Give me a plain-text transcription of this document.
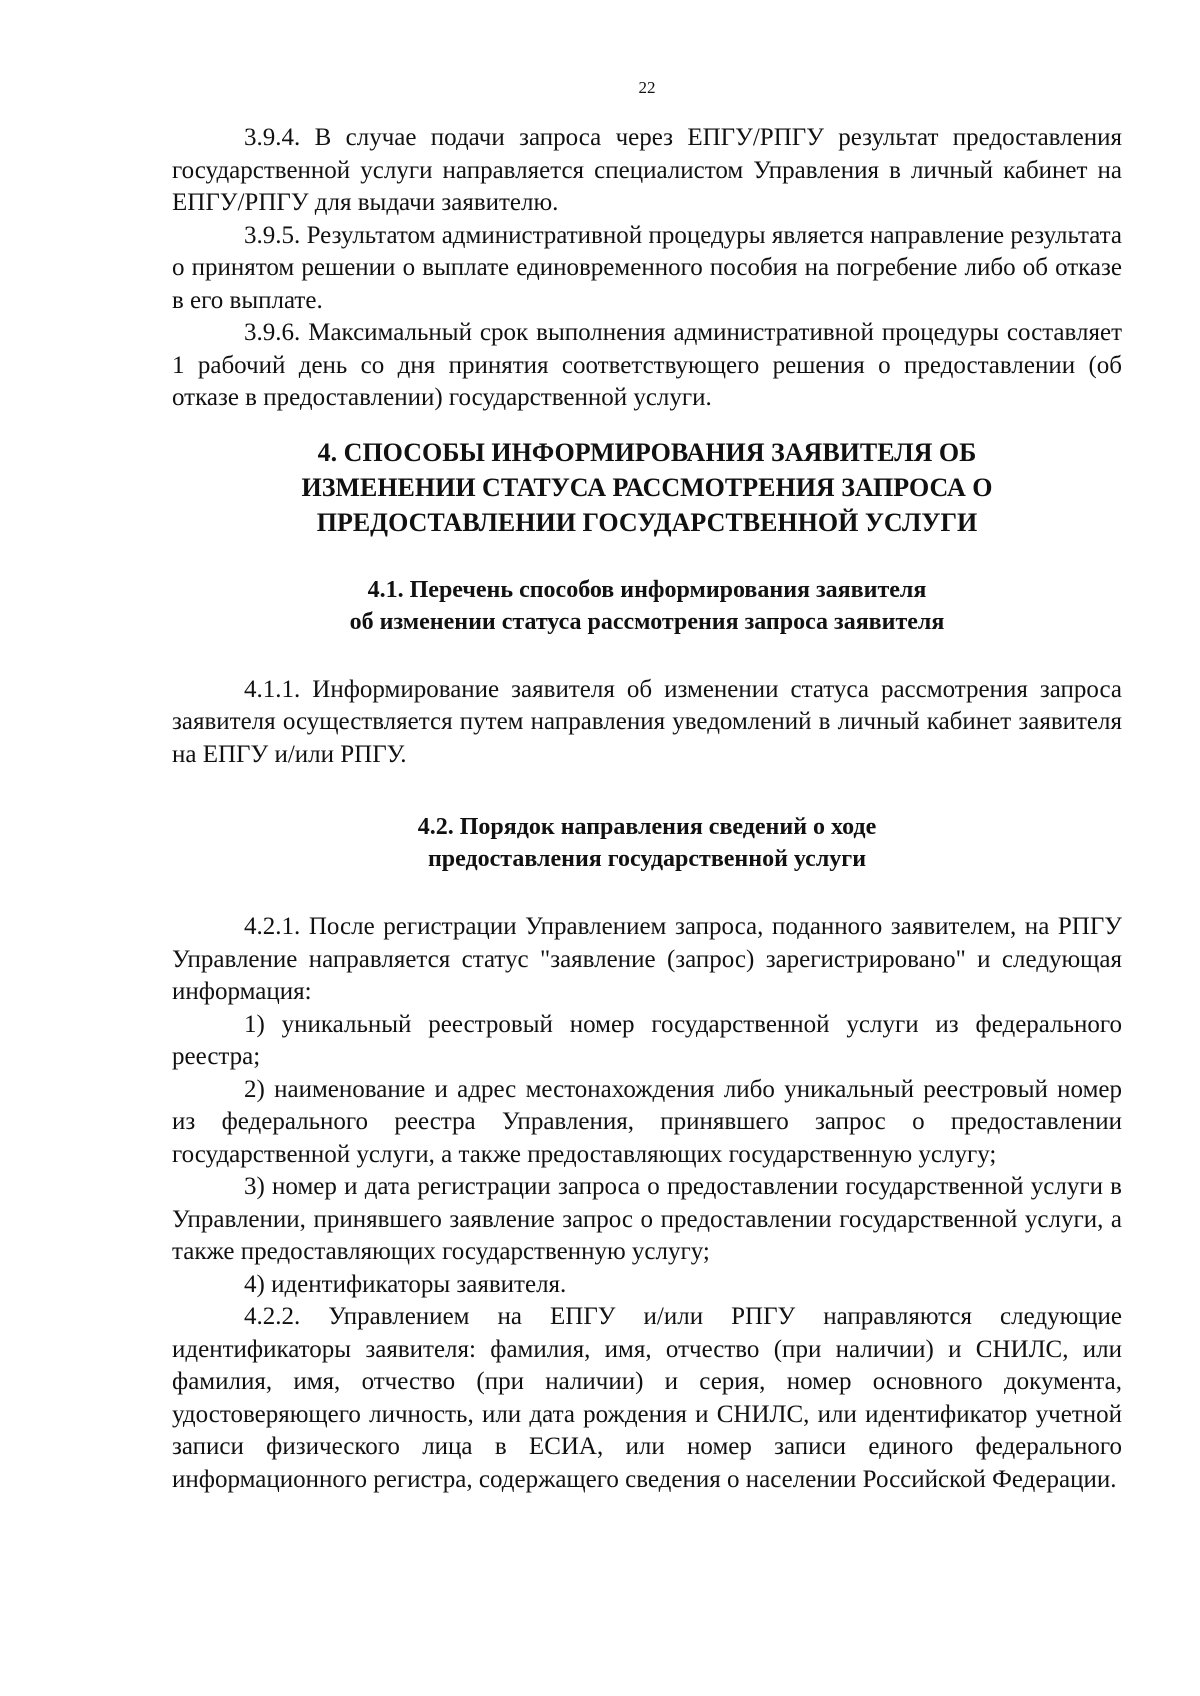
22

3.9.4. В случае подачи запроса через ЕПГУ/РПГУ результат предоставления государственной услуги направляется специалистом Управления в личный кабинет на ЕПГУ/РПГУ для выдачи заявителю.

3.9.5. Результатом административной процедуры является направление результата о принятом решении о выплате единовременного пособия на погребение либо об отказе в его выплате.

3.9.6. Максимальный срок выполнения административной процедуры составляет 1 рабочий день со дня принятия соответствующего решения о предоставлении (об отказе в предоставлении) государственной услуги.

4. СПОСОБЫ ИНФОРМИРОВАНИЯ ЗАЯВИТЕЛЯ ОБ
ИЗМЕНЕНИИ СТАТУСА РАССМОТРЕНИЯ ЗАПРОСА О
ПРЕДОСТАВЛЕНИИ ГОСУДАРСТВЕННОЙ УСЛУГИ
4.1. Перечень способов информирования заявителя
об изменении статуса рассмотрения запроса заявителя

4.1.1. Информирование заявителя об изменении статуса рассмотрения запроса заявителя осуществляется путем направления уведомлений в личный кабинет заявителя на ЕПГУ и/или РПГУ.

4.2. Порядок направления сведений о ходе
предоставления государственной услуги

4.2.1. После регистрации Управлением запроса, поданного заявителем, на РПГУ Управление направляется статус "заявление (запрос) зарегистрировано" и следующая информация:

1) уникальный реестровый номер государственной услуги из федерального реестра;

2) наименование и адрес местонахождения либо уникальный реестровый номер из федерального реестра Управления, принявшего запрос о предоставлении государственной услуги, а также предоставляющих государственную услугу;

3) номер и дата регистрации запроса о предоставлении государственной услуги в Управлении, принявшего заявление запрос о предоставлении государственной услуги, а также предоставляющих государственную услугу;

4) идентификаторы заявителя.

4.2.2. Управлением на ЕПГУ и/или РПГУ направляются следующие идентификаторы заявителя: фамилия, имя, отчество (при наличии) и СНИЛС, или фамилия, имя, отчество (при наличии) и серия, номер основного документа, удостоверяющего личность, или дата рождения и СНИЛС, или идентификатор учетной записи физического лица в ЕСИА, или номер записи единого федерального информационного регистра, содержащего сведения о населении Российской Федерации.
